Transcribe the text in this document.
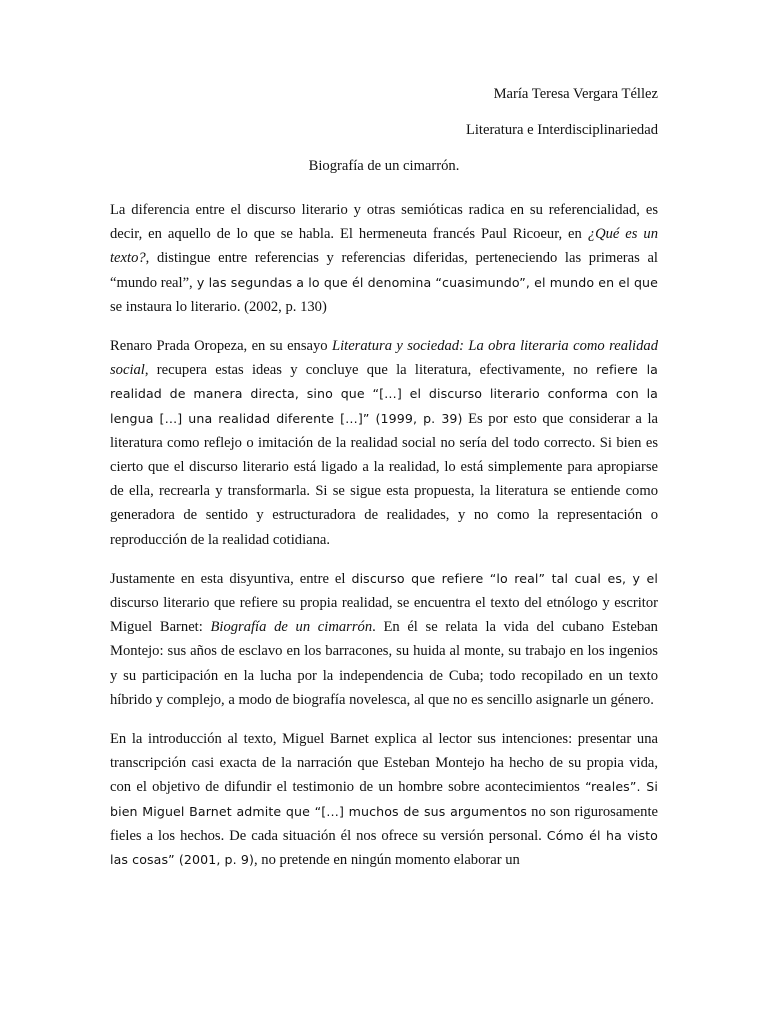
María Teresa Vergara Téllez
Literatura e Interdisciplinariedad
Biografía de un cimarrón.

La diferencia entre el discurso literario y otras semióticas radica en su referencialidad, es decir, en aquello de lo que se habla. El hermeneuta francés Paul Ricoeur, en ¿Qué es un texto?, distingue entre referencias y referencias diferidas, perteneciendo las primeras al “mundo real”, y las segundas a lo que él denomina “cuasimundo”, el mundo en el que se instaura lo literario. (2002, p. 130)

Renaro Prada Oropeza, en su ensayo Literatura y sociedad: La obra literaria como realidad social, recupera estas ideas y concluye que la literatura, efectivamente, no refiere la realidad de manera directa, sino que “[…] el discurso literario conforma con la lengua […] una realidad diferente […]” (1999, p. 39) Es por esto que considerar a la literatura como reflejo o imitación de la realidad social no sería del todo correcto. Si bien es cierto que el discurso literario está ligado a la realidad, lo está simplemente para apropiarse de ella, recrearla y transformarla. Si se sigue esta propuesta, la literatura se entiende como generadora de sentido y estructuradora de realidades, y no como la representación o reproducción de la realidad cotidiana.

Justamente en esta disyuntiva, entre el discurso que refiere “lo real” tal cual es, y el discurso literario que refiere su propia realidad, se encuentra el texto del etnólogo y escritor Miguel Barnet: Biografía de un cimarrón. En él se relata la vida del cubano Esteban Montejo: sus años de esclavo en los barracones, su huida al monte, su trabajo en los ingenios y su participación en la lucha por la independencia de Cuba; todo recopilado en un texto híbrido y complejo, a modo de biografía novelesca, al que no es sencillo asignarle un género.

En la introducción al texto, Miguel Barnet explica al lector sus intenciones: presentar una transcripción casi exacta de la narración que Esteban Montejo ha hecho de su propia vida, con el objetivo de difundir el testimonio de un hombre sobre acontecimientos “reales”. Si bien Miguel Barnet admite que “[…] muchos de sus argumentos no son rigurosamente fieles a los hechos. De cada situación él nos ofrece su versión personal. Cómo él ha visto las cosas” (2001, p. 9), no pretende en ningún momento elaborar un
